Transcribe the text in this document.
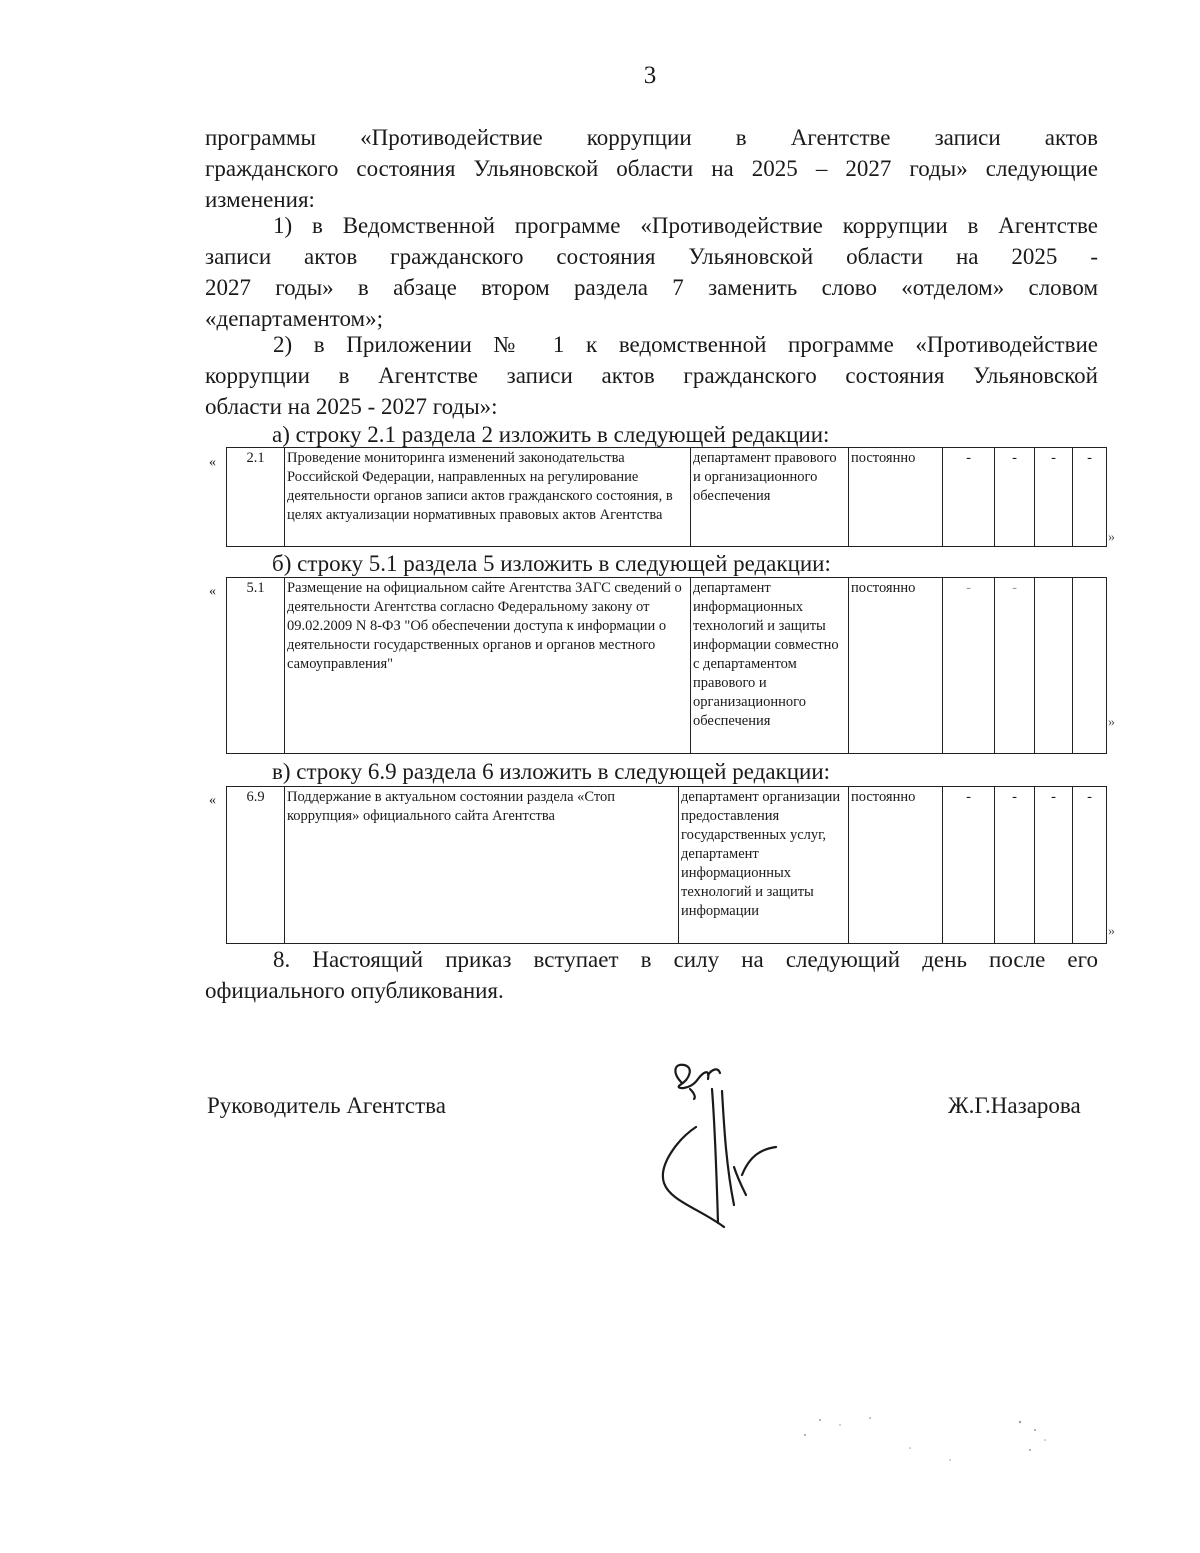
3
программы «Противодействие коррупции в Агентстве записи актов
гражданского состояния Ульяновской области на 2025 – 2027 годы» следующие
изменения:
1) в Ведомственной программе «Противодействие коррупции в Агентстве
записи актов гражданского состояния Ульяновской области на 2025 -
2027 годы» в абзаце втором раздела 7 заменить слово «отделом» словом
«департаментом»;
2) в Приложении № 1 к ведомственной программе «Противодействие
коррупции в Агентстве записи актов гражданского состояния Ульяновской
области на 2025 - 2027 годы»:
а) строку 2.1 раздела 2 изложить в следующей редакции:
« 2.1	Проведение мониторинга изменений законодательства Российской Федерации, направленных на регулирование деятельности органов записи актов гражданского состояния, в целях актуализации нормативных правовых актов Агентства	департамент правового и организационного обеспечения	постоянно	-	-	-	-
»
б) строку 5.1 раздела 5 изложить в следующей редакции:
« 5.1	Размещение на официальном сайте Агентства ЗАГС сведений о деятельности Агентства согласно Федеральному закону от 09.02.2009 N 8-ФЗ "Об обеспечении доступа к информации о деятельности государственных органов и органов местного самоуправления"	департамент информационных технологий и защиты информации совместно с департаментом правового и организационного обеспечения	постоянно	-	-		
»
в) строку 6.9 раздела 6 изложить в следующей редакции:
« 6.9	Поддержание в актуальном состоянии раздела «Стоп коррупция» официального сайта Агентства	департамент организации предоставления государственных услуг, департамент информационных технологий и защиты информации	постоянно	-	-	-	-
»
8. Настоящий приказ вступает в силу на следующий день после его
официального опубликования.
Руководитель Агентства	Ж.Г.Назарова
